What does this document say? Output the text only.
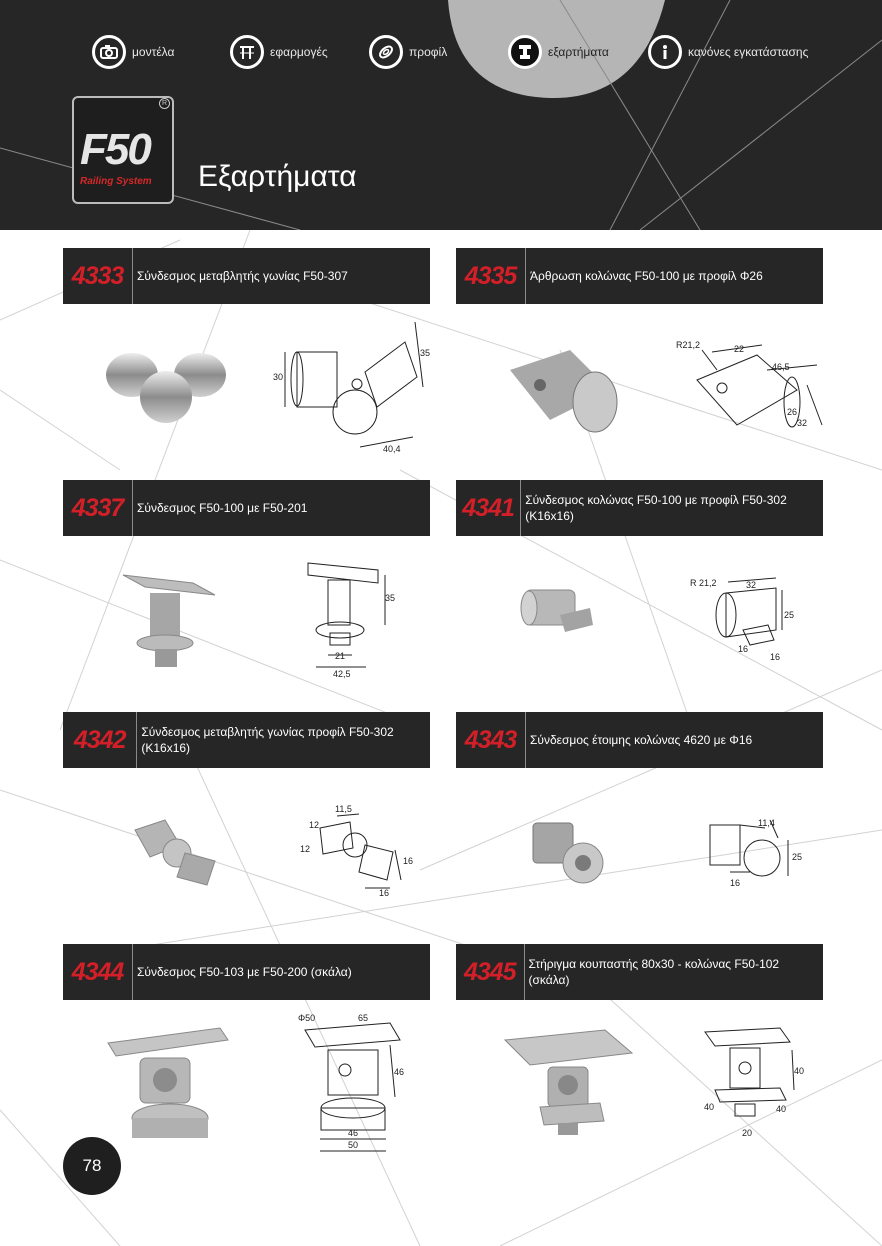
μοντέλα	εφαρμογές	προφίλ	εξαρτήματα	κανόνες εγκατάστασης
R
F50
Railing System Εξαρτήματα
4333	Σύνδεσμος μεταβλητής γωνίας F50-307
35
30
40,4
4335	Άρθρωση κολώνας F50-100 με προφίλ Φ26
R21,2	22
46,5
26
32
4337	Σύνδεσμος F50-100 με F50-201
35
21
42,5
4341 Σύνδεσμος κολώνας F50-100 με προφίλ F50-302 (Κ16x16)
R 21,2	32
25
16
16
4342	Σύνδεσμος μεταβλητής γωνίας προφίλ F50-302 (Κ16x16)
11,5
12
12
16
16
4343	Σύνδεσμος έτοιμης κολώνας 4620 με Φ16
11,4
25
16
4344	Σύνδεσμος F50-103 με F50-200 (σκάλα)
Φ50	65
46
46
50
4345	Στήριγμα κουπαστής 80x30 - κολώνας F50-102 (σκάλα)
40
40	40
20
78
